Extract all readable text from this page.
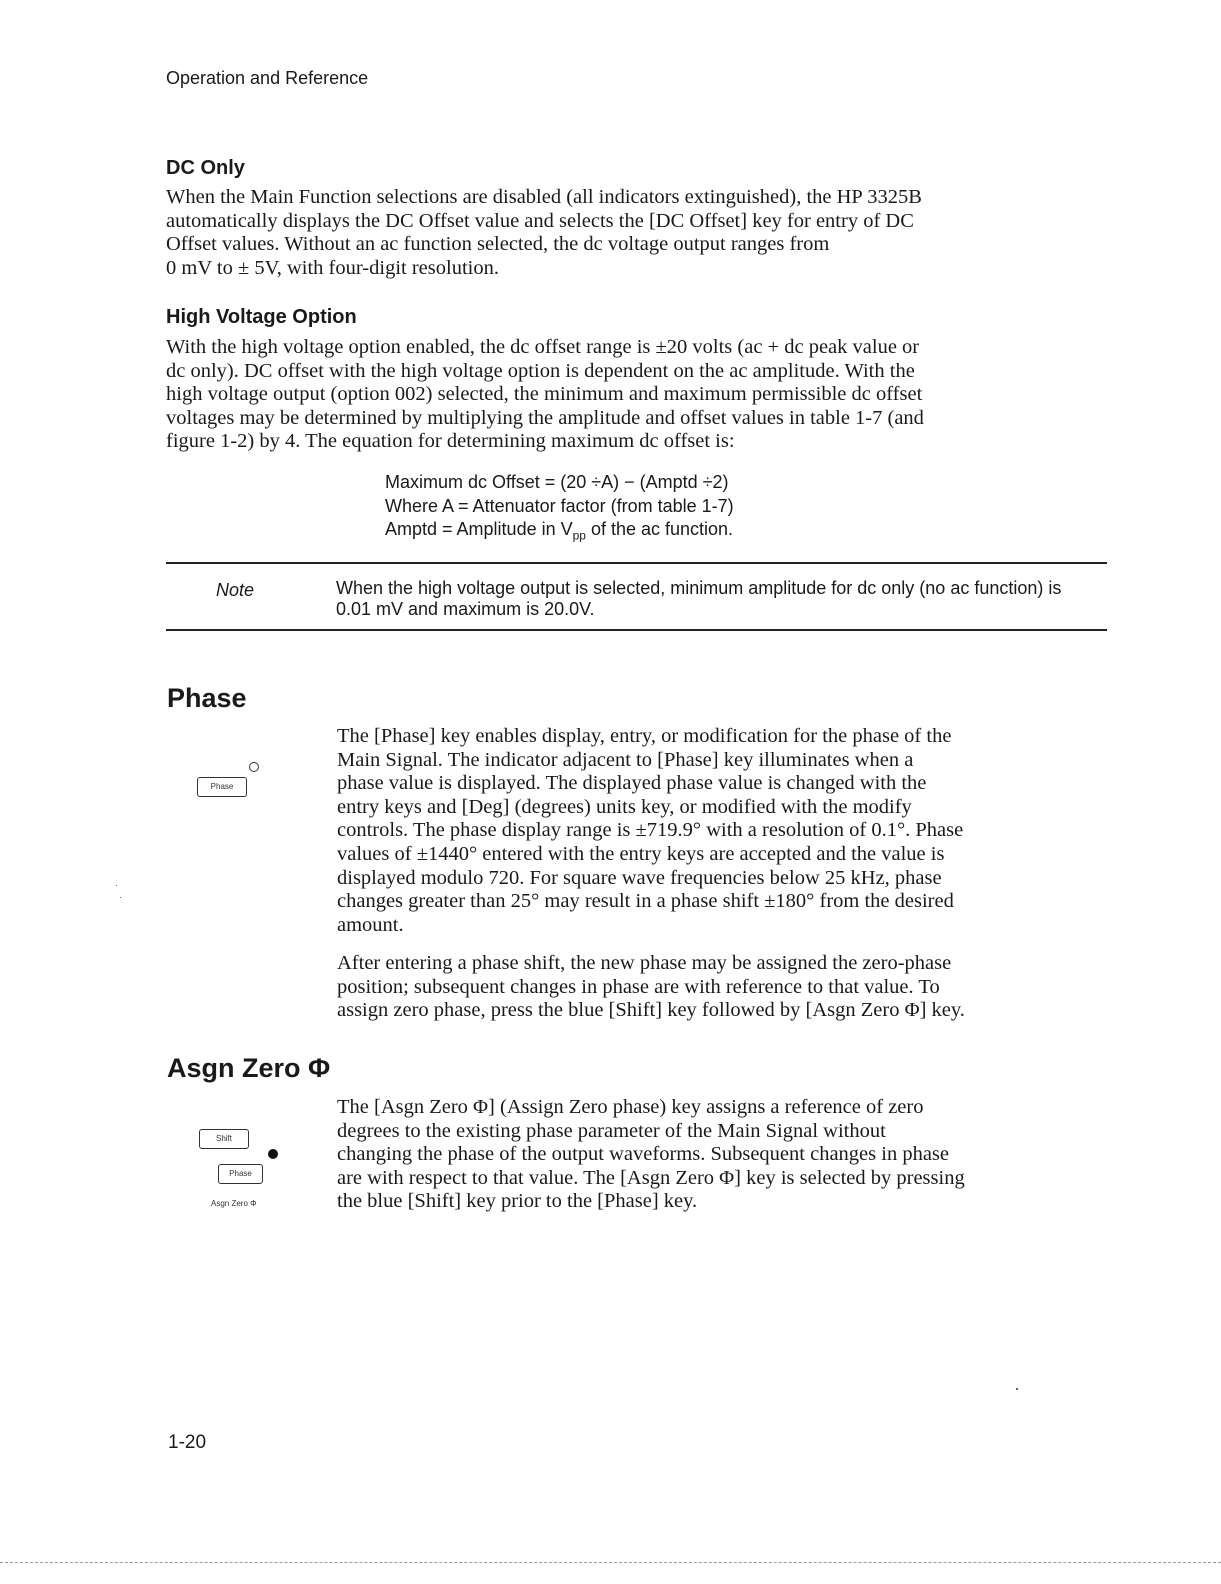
Operation and Reference
DC Only
When the Main Function selections are disabled (all indicators extinguished), the HP 3325B
automatically displays the DC Offset value and selects the [DC Offset] key for entry of DC
Offset values. Without an ac function selected, the dc voltage output ranges from
0 mV to ± 5V, with four-digit resolution.
High Voltage Option
With the high voltage option enabled, the dc offset range is ±20 volts (ac + dc peak value or
dc only). DC offset with the high voltage option is dependent on the ac amplitude. With the
high voltage output (option 002) selected, the minimum and maximum permissible dc offset
voltages may be determined by multiplying the amplitude and offset values in table 1-7 (and
figure 1-2) by 4. The equation for determining maximum dc offset is:
Maximum dc Offset = (20 ÷A) − (Amptd ÷2)
Where A = Attenuator factor (from table 1-7)
Amptd = Amplitude in $V_{pp}$ of the ac function.
Note	When the high voltage output is selected, minimum amplitude for dc only (no ac function) is 0.01 mV and maximum is 20.0V.
Phase
Phase
The [Phase] key enables display, entry, or modification for the phase of the
Main Signal. The indicator adjacent to [Phase] key illuminates when a
phase value is displayed. The displayed phase value is changed with the
entry keys and [Deg] (degrees) units key, or modified with the modify
controls. The phase display range is ±719.9° with a resolution of 0.1°. Phase
values of ±1440° entered with the entry keys are accepted and the value is
displayed modulo 720. For square wave frequencies below 25 kHz, phase
changes greater than 25° may result in a phase shift ±180° from the desired
amount.
After entering a phase shift, the new phase may be assigned the zero-phase
position; subsequent changes in phase are with reference to that value. To
assign zero phase, press the blue [Shift] key followed by [Asgn Zero Φ] key.
Asgn Zero Φ
Shift
Phase
Asgn Zero Φ
The [Asgn Zero Φ] (Assign Zero phase) key assigns a reference of zero
degrees to the existing phase parameter of the Main Signal without
changing the phase of the output waveforms. Subsequent changes in phase
are with respect to that value. The [Asgn Zero Φ] key is selected by pressing
the blue [Shift] key prior to the [Phase] key.
1-20
